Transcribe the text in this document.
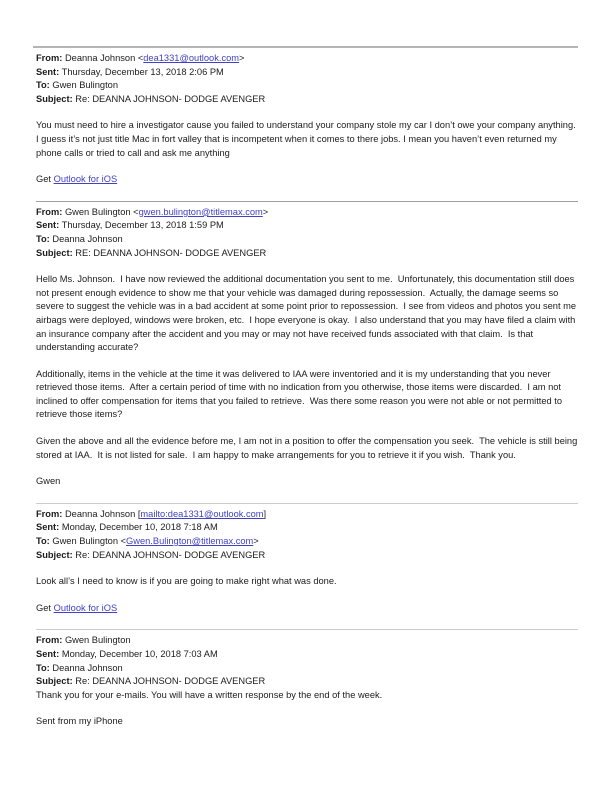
From: Deanna Johnson <dea1331@outlook.com>

Sent: Thursday, December 13, 2018 2:06 PM

To: Gwen Bulington

Subject: Re: DEANNA JOHNSON- DODGE AVENGER

You must need to hire a investigator cause you failed to understand your company stole my car I don’t owe your company anything. I guess it’s not just title Mac in fort valley that is incompetent when it comes to there jobs. I mean you haven’t even returned my phone calls or tried to call and ask me anything

Get Outlook for iOS

From: Gwen Bulington <gwen.bulington@titlemax.com>

Sent: Thursday, December 13, 2018 1:59 PM

To: Deanna Johnson

Subject: RE: DEANNA JOHNSON- DODGE AVENGER

Hello Ms. Johnson.  I have now reviewed the additional documentation you sent to me.  Unfortunately, this documentation still does not present enough evidence to show me that your vehicle was damaged during repossession.  Actually, the damage seems so severe to suggest the vehicle was in a bad accident at some point prior to repossession.  I see from videos and photos you sent me airbags were deployed, windows were broken, etc.  I hope everyone is okay.  I also understand that you may have filed a claim with an insurance company after the accident and you may or may not have received funds associated with that claim.  Is that understanding accurate?

Additionally, items in the vehicle at the time it was delivered to IAA were inventoried and it is my understanding that you never retrieved those items.  After a certain period of time with no indication from you otherwise, those items were discarded.  I am not inclined to offer compensation for items that you failed to retrieve.  Was there some reason you were not able or not permitted to retrieve those items?

Given the above and all the evidence before me, I am not in a position to offer the compensation you seek.  The vehicle is still being stored at IAA.  It is not listed for sale.  I am happy to make arrangements for you to retrieve it if you wish.  Thank you.

Gwen

From: Deanna Johnson [mailto:dea1331@outlook.com]

Sent: Monday, December 10, 2018 7:18 AM

To: Gwen Bulington <Gwen.Bulington@titlemax.com>

Subject: Re: DEANNA JOHNSON- DODGE AVENGER

Look all’s I need to know is if you are going to make right what was done.

Get Outlook for iOS

From: Gwen Bulington

Sent: Monday, December 10, 2018 7:03 AM

To: Deanna Johnson

Subject: Re: DEANNA JOHNSON- DODGE AVENGER

Thank you for your e-mails. You will have a written response by the end of the week.

Sent from my iPhone
